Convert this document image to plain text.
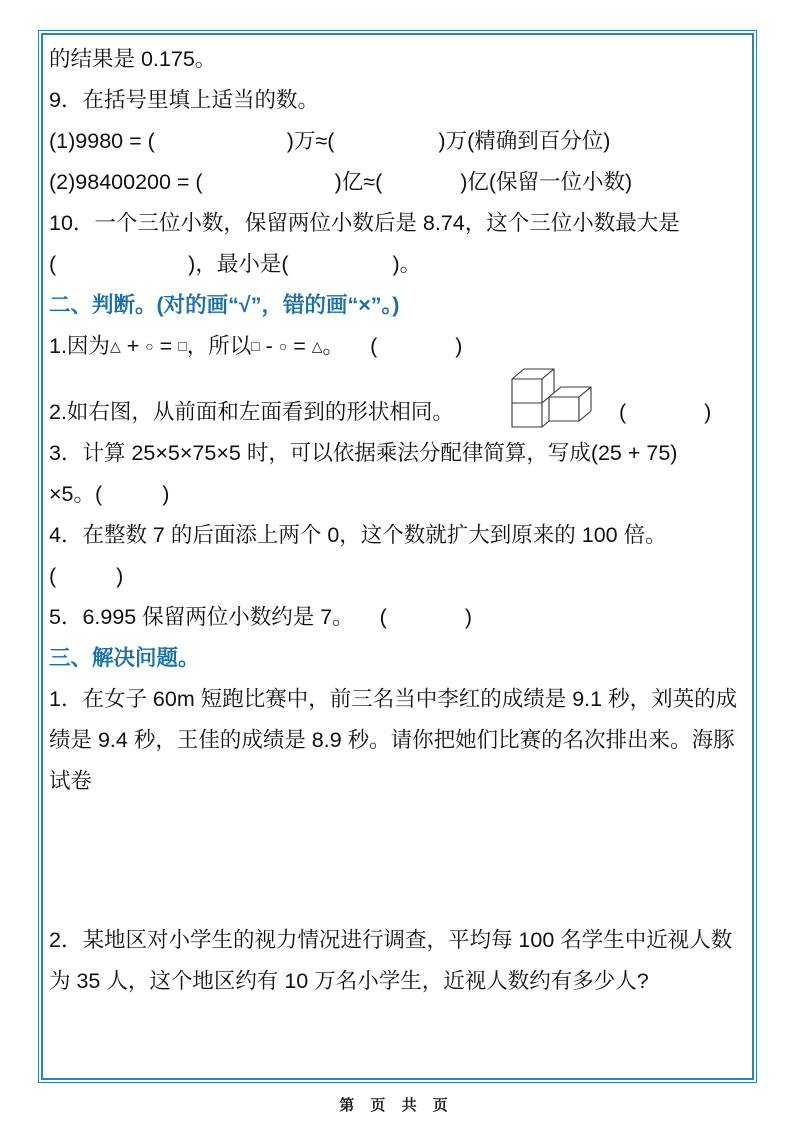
的结果是 0.175。
9．在括号里填上适当的数。
(1)9980 = (	)万≈(	)万(精确到百分位)
(2)98400200 = (	)亿≈(	)亿(保留一位小数)
10．一个三位小数，保留两位小数后是 8.74，这个三位小数最大是
(	)，最小是(	)。
二、判断。(对的画“√”，错的画“×”。)
1.因为△ + ○ = □，所以□ - ○ = △。 (	)
2.如右图，从前面和左面看到的形状相同。	(	)
3．计算 25×5×75×5 时，可以依据乘法分配律简算，写成(25 + 75)
×5。(	)
4．在整数 7 的后面添上两个 0，这个数就扩大到原来的 100 倍。
(	)
5．6.995 保留两位小数约是 7。 (	)
三、解决问题。
1．在女子 60m 短跑比赛中，前三名当中李红的成绩是 9.1 秒，刘英的成绩是 9.4 秒，王佳的成绩是 8.9 秒。请你把她们比赛的名次排出来。海豚试卷
2．某地区对小学生的视力情况进行调查，平均每 100 名学生中近视人数为 35 人，这个地区约有 10 万名小学生，近视人数约有多少人?
第 页 共 页
